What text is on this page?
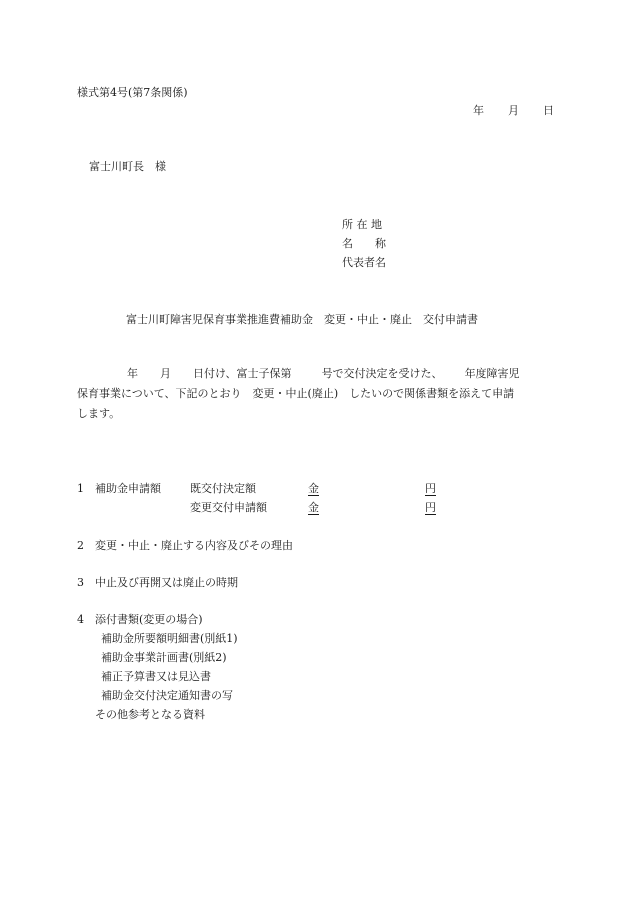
様式第4号(第7条関係)
年 月 日
富士川町長　様
所 在 地
名　　称
代表者名
富士川町障害児保育事業推進費補助金　変更・中止・廃止　交付申請書
年 月 日付け、富士子保第	号で交付決定を受けた、 年度障害児
保育事業について、下記のとおり　変更・中止(廃止)　したいので関係書類を添えて申請
します。
1 補助金申請額	既交付決定額	金	円
変更交付申請額	金	円
2 変更・中止・廃止する内容及びその理由
3 中止及び再開又は廃止の時期
4 添付書類(変更の場合)
補助金所要額明細書(別紙1)
補助金事業計画書(別紙2)
補正予算書又は見込書
補助金交付決定通知書の写
その他参考となる資料
